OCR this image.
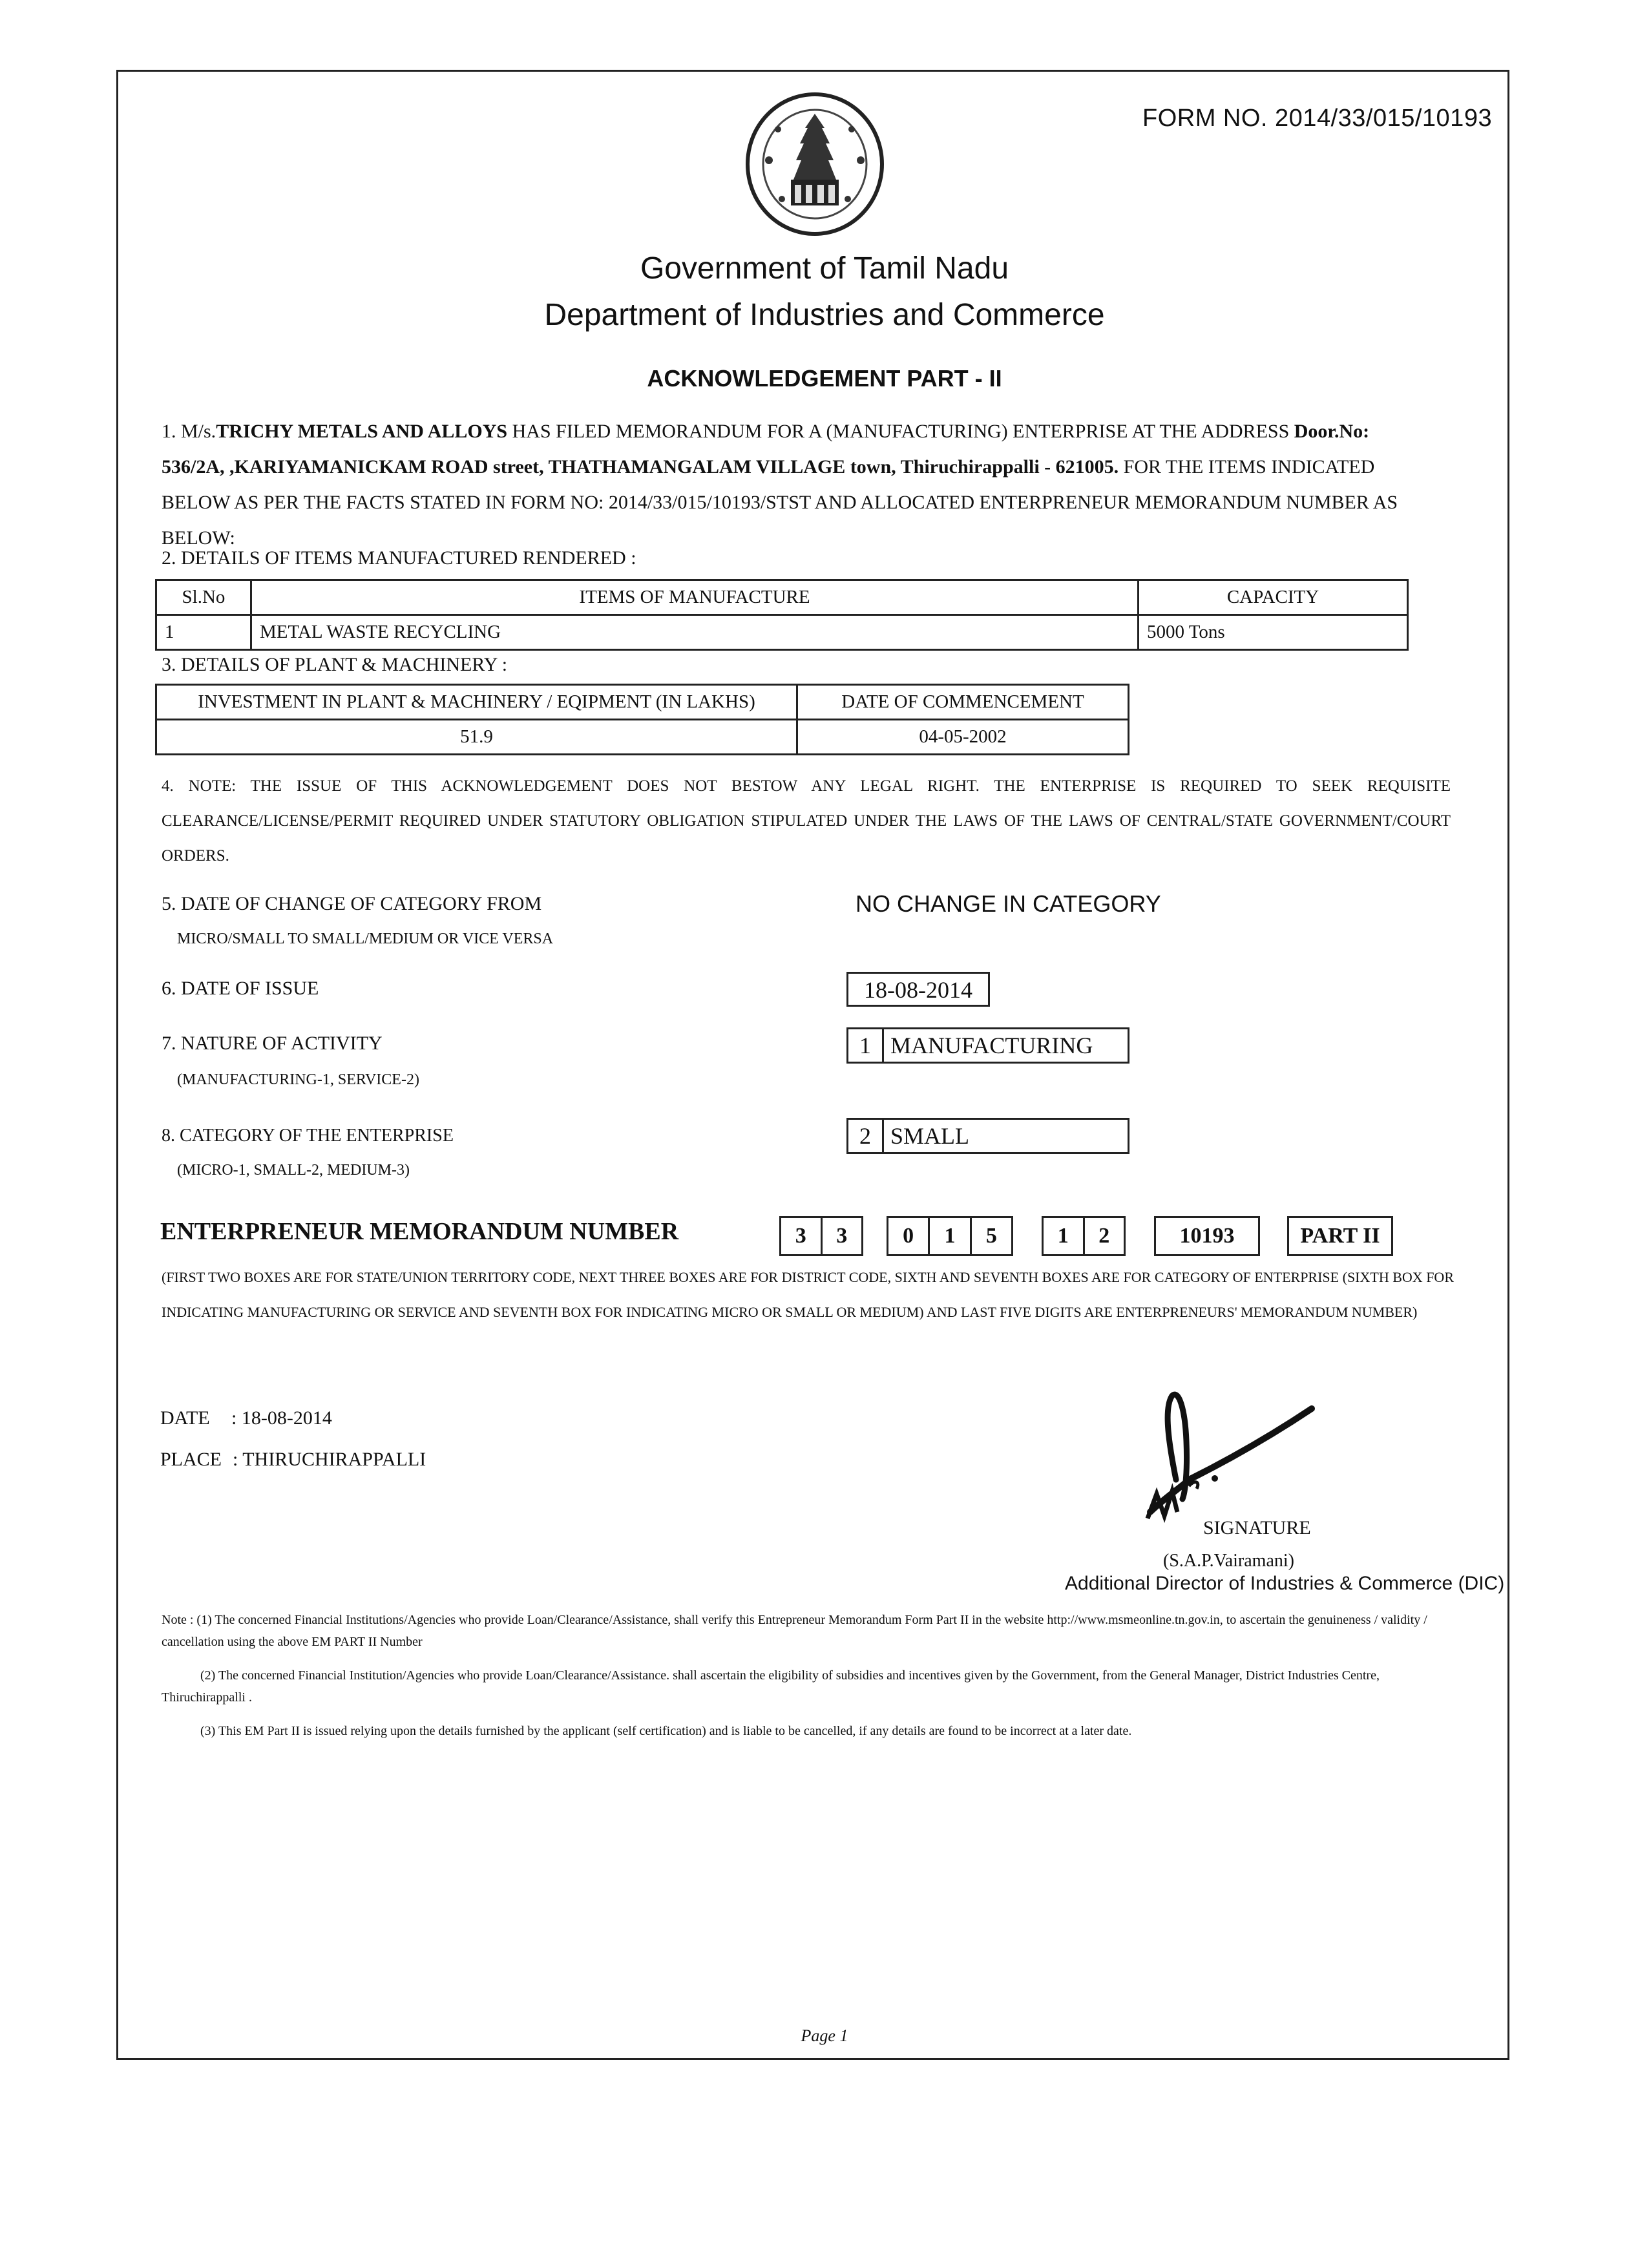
FORM NO. 2014/33/015/10193
Government of Tamil Nadu
Department of Industries and Commerce
ACKNOWLEDGEMENT PART - II
1. M/s.TRICHY METALS AND ALLOYS HAS FILED MEMORANDUM FOR A (MANUFACTURING) ENTERPRISE AT THE ADDRESS Door.No: 536/2A, ,KARIYAMANICKAM ROAD street, THATHAMANGALAM VILLAGE town, Thiruchirappalli - 621005. FOR THE ITEMS INDICATED BELOW AS PER THE FACTS STATED IN FORM NO: 2014/33/015/10193/STST AND ALLOCATED ENTERPRENEUR MEMORANDUM NUMBER AS BELOW:
2. DETAILS OF ITEMS MANUFACTURED RENDERED :
Sl.No	ITEMS OF MANUFACTURE	CAPACITY
1	METAL WASTE RECYCLING	5000 Tons
3. DETAILS OF PLANT & MACHINERY :
INVESTMENT IN PLANT & MACHINERY / EQIPMENT (IN LAKHS)	DATE OF COMMENCEMENT
51.9	04-05-2002
4. NOTE: THE ISSUE OF THIS ACKNOWLEDGEMENT DOES NOT BESTOW ANY LEGAL RIGHT. THE ENTERPRISE IS REQUIRED TO SEEK REQUISITE CLEARANCE/LICENSE/PERMIT REQUIRED UNDER STATUTORY OBLIGATION STIPULATED UNDER THE LAWS OF THE LAWS OF CENTRAL/STATE GOVERNMENT/COURT ORDERS.
5. DATE OF CHANGE OF CATEGORY FROM
MICRO/SMALL TO SMALL/MEDIUM OR VICE VERSA
NO CHANGE IN CATEGORY
6. DATE OF ISSUE	18-08-2014
7. NATURE OF ACTIVITY
(MANUFACTURING-1, SERVICE-2)
1 MANUFACTURING
8. CATEGORY OF THE ENTERPRISE
(MICRO-1, SMALL-2, MEDIUM-3)
2 SMALL
ENTERPRENEUR MEMORANDUM NUMBER	3	3	0	1	5	1	2	10193	PART II
(FIRST TWO BOXES ARE FOR STATE/UNION TERRITORY CODE, NEXT THREE BOXES ARE FOR DISTRICT CODE, SIXTH AND SEVENTH BOXES ARE FOR CATEGORY OF ENTERPRISE (SIXTH BOX FOR INDICATING MANUFACTURING OR SERVICE AND SEVENTH BOX FOR INDICATING MICRO OR SMALL OR MEDIUM) AND LAST FIVE DIGITS ARE ENTERPRENEURS' MEMORANDUM NUMBER)
DATE : 18-08-2014
PLACE : THIRUCHIRAPPALLI
SIGNATURE
(S.A.P.Vairamani)
Additional Director of Industries & Commerce (DIC)
Note : (1) The concerned Financial Institutions/Agencies who provide Loan/Clearance/Assistance, shall verify this Entrepreneur Memorandum Form Part II in the website http://www.msmeonline.tn.gov.in, to ascertain the genuineness / validity / cancellation using the above EM PART II Number
(2) The concerned Financial Institution/Agencies who provide Loan/Clearance/Assistance. shall ascertain the eligibility of subsidies and incentives given by the Government, from the General Manager, District Industries Centre, Thiruchirappalli .
(3) This EM Part II is issued relying upon the details furnished by the applicant (self certification) and is liable to be cancelled, if any details are found to be incorrect at a later date.
Page 1
